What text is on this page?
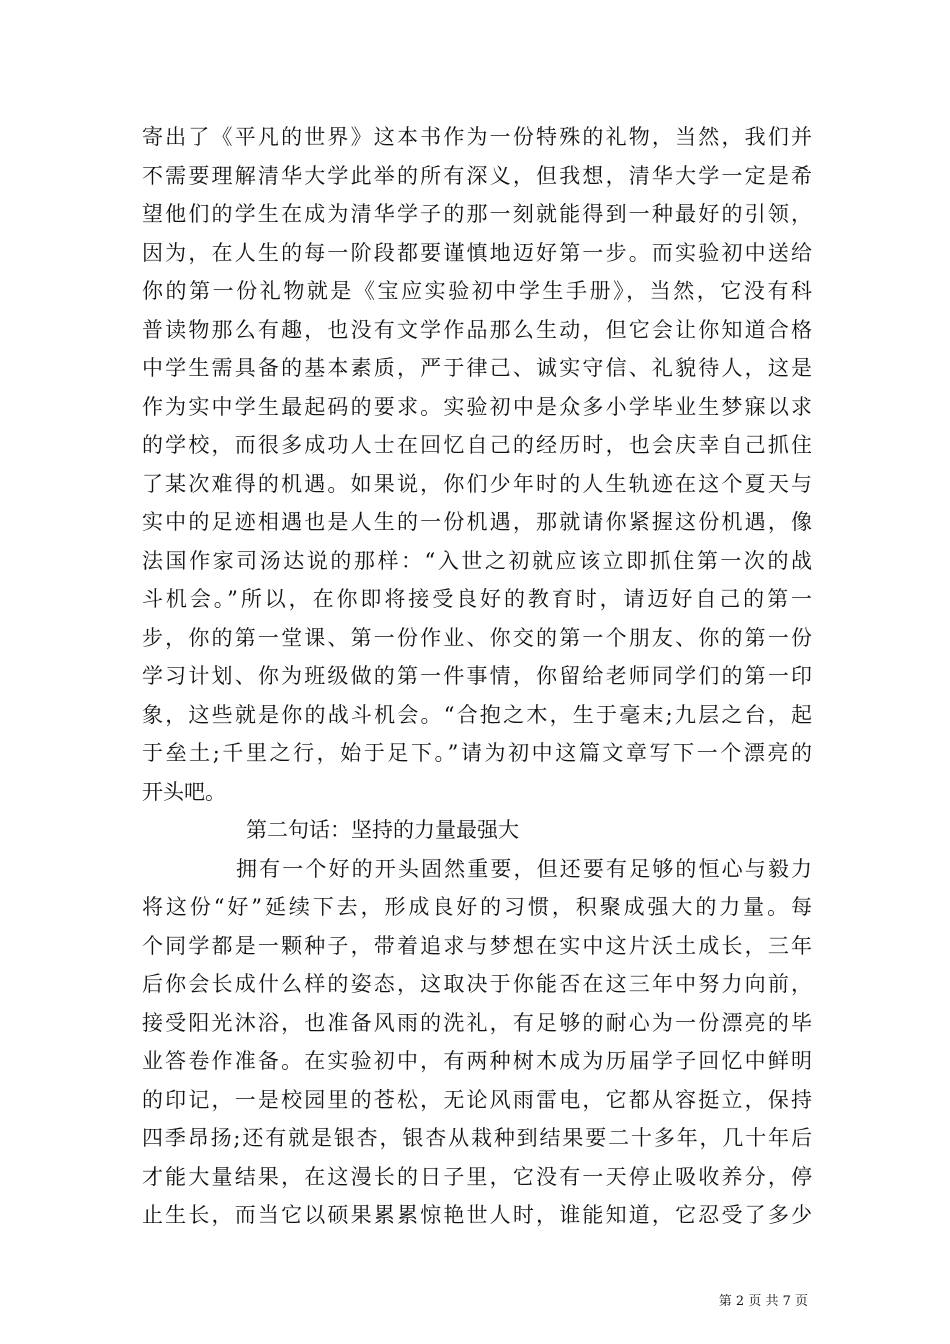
寄出了《平凡的世界》这本书作为一份特殊的礼物，当然，我们并
不需要理解清华大学此举的所有深义，但我想，清华大学一定是希
望他们的学生在成为清华学子的那一刻就能得到一种最好的引领，
因为，在人生的每一阶段都要谨慎地迈好第一步。而实验初中送给
你的第一份礼物就是《宝应实验初中学生手册》，当然，它没有科
普读物那么有趣，也没有文学作品那么生动，但它会让你知道合格
中学生需具备的基本素质，严于律己、诚实守信、礼貌待人，这是
作为实中学生最起码的要求。实验初中是众多小学毕业生梦寐以求
的学校，而很多成功人士在回忆自己的经历时，也会庆幸自己抓住
了某次难得的机遇。如果说，你们少年时的人生轨迹在这个夏天与
实中的足迹相遇也是人生的一份机遇，那就请你紧握这份机遇，像
法国作家司汤达说的那样：“入世之初就应该立即抓住第一次的战
斗机会。”所以，在你即将接受良好的教育时，请迈好自己的第一
步，你的第一堂课、第一份作业、你交的第一个朋友、你的第一份
学习计划、你为班级做的第一件事情，你留给老师同学们的第一印
象，这些就是你的战斗机会。“合抱之木，生于毫末;九层之台，起
于垒土;千里之行，始于足下。”请为初中这篇文章写下一个漂亮的
开头吧。
第二句话：坚持的力量最强大
拥有一个好的开头固然重要，但还要有足够的恒心与毅力
将这份“好”延续下去，形成良好的习惯，积聚成强大的力量。每
个同学都是一颗种子，带着追求与梦想在实中这片沃土成长，三年
后你会长成什么样的姿态，这取决于你能否在这三年中努力向前，
接受阳光沐浴，也准备风雨的洗礼，有足够的耐心为一份漂亮的毕
业答卷作准备。在实验初中，有两种树木成为历届学子回忆中鲜明
的印记，一是校园里的苍松，无论风雨雷电，它都从容挺立，保持
四季昂扬;还有就是银杏，银杏从栽种到结果要二十多年，几十年后
才能大量结果，在这漫长的日子里，它没有一天停止吸收养分，停
止生长，而当它以硕果累累惊艳世人时，谁能知道，它忍受了多少
第 2 页 共 7 页
